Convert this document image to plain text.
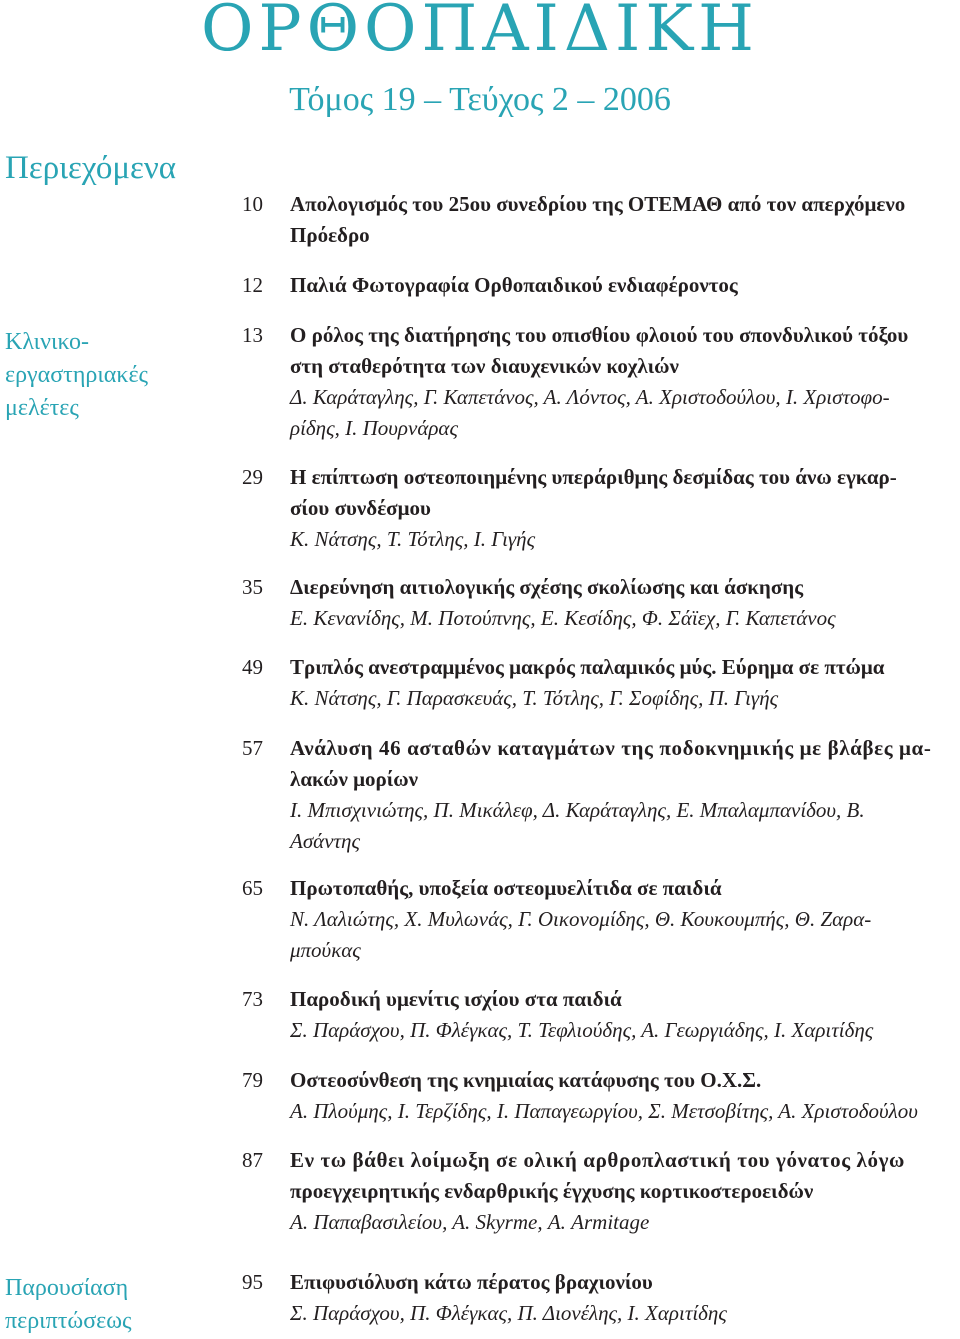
ΟΡΘΟΠΑΙΔΙΚΗ
Τόμος 19 – Τεύχος 2 – 2006
Περιεχόμενα
Κλινικο-
εργαστηριακές
μελέτες
Παρουσίαση
περιπτώσεως
10 Απολογισμός του 25ου συνεδρίου της ΟΤΕΜΑΘ από τον απερχόμενο
Πρόεδρο
12 Παλιά Φωτογραφία Ορθοπαιδικού ενδιαφέροντος
13 Ο ρόλος της διατήρησης του οπισθίου φλοιού του σπονδυλικού τόξου
στη σταθερότητα των διαυχενικών κοχλιών
Δ. Καράταγλης, Γ. Καπετάνος, Α. Λόντος, Α. Χριστοδούλου, Ι. Χριστοφο-
ρίδης, Ι. Πουρνάρας
29 Η επίπτωση οστεοποιημένης υπεράριθμης δεσμίδας του άνω εγκαρ-
σίου συνδέσμου
Κ. Νάτσης, Τ. Τότλης, Ι. Γιγής
35 Διερεύνηση αιτιολογικής σχέσης σκολίωσης και άσκησης
Ε. Κενανίδης, Μ. Ποτούπνης, Ε. Κεσίδης, Φ. Σάϊεχ, Γ. Καπετάνος
49 Τριπλός ανεστραμμένος μακρός παλαμικός μύς. Εύρημα σε πτώμα
Κ. Νάτσης, Γ. Παρασκευάς, Τ. Τότλης, Γ. Σοφίδης, Π. Γιγής
57 Ανάλυση 46 ασταθών καταγμάτων της ποδοκνημικής με βλάβες μα-
λακών μορίων
Ι. Μπισχινιώτης, Π. Μικάλεφ, Δ. Καράταγλης, Ε. Μπαλαμπανίδου, Β.
Ασάντης
65 Πρωτοπαθής, υποξεία οστεομυελίτιδα σε παιδιά
Ν. Λαλιώτης, Χ. Μυλωνάς, Γ. Οικονομίδης, Θ. Κουκουμπής, Θ. Ζαρα-
μπούκας
73 Παροδική υμενίτις ισχίου στα παιδιά
Σ. Παράσχου, Π. Φλέγκας, Τ. Τεφλιούδης, Α. Γεωργιάδης, Ι. Χαριτίδης
79 Οστεοσύνθεση της κνημιαίας κατάφυσης του Ο.Χ.Σ.
Α. Πλούμης, Ι. Τερζίδης, Ι. Παπαγεωργίου, Σ. Μετσοβίτης, Α. Χριστοδούλου
87 Εν τω βάθει λοίμωξη σε ολική αρθροπλαστική του γόνατος λόγω
προεγχειρητικής ενδαρθρικής έγχυσης κορτικοστεροειδών
Α. Παπαβασιλείου, Α. Skyrme, Α. Armitage
95 Επιφυσιόλυση κάτω πέρατος βραχιονίου
Σ. Παράσχου, Π. Φλέγκας, Π. Διονέλης, Ι. Χαριτίδης
